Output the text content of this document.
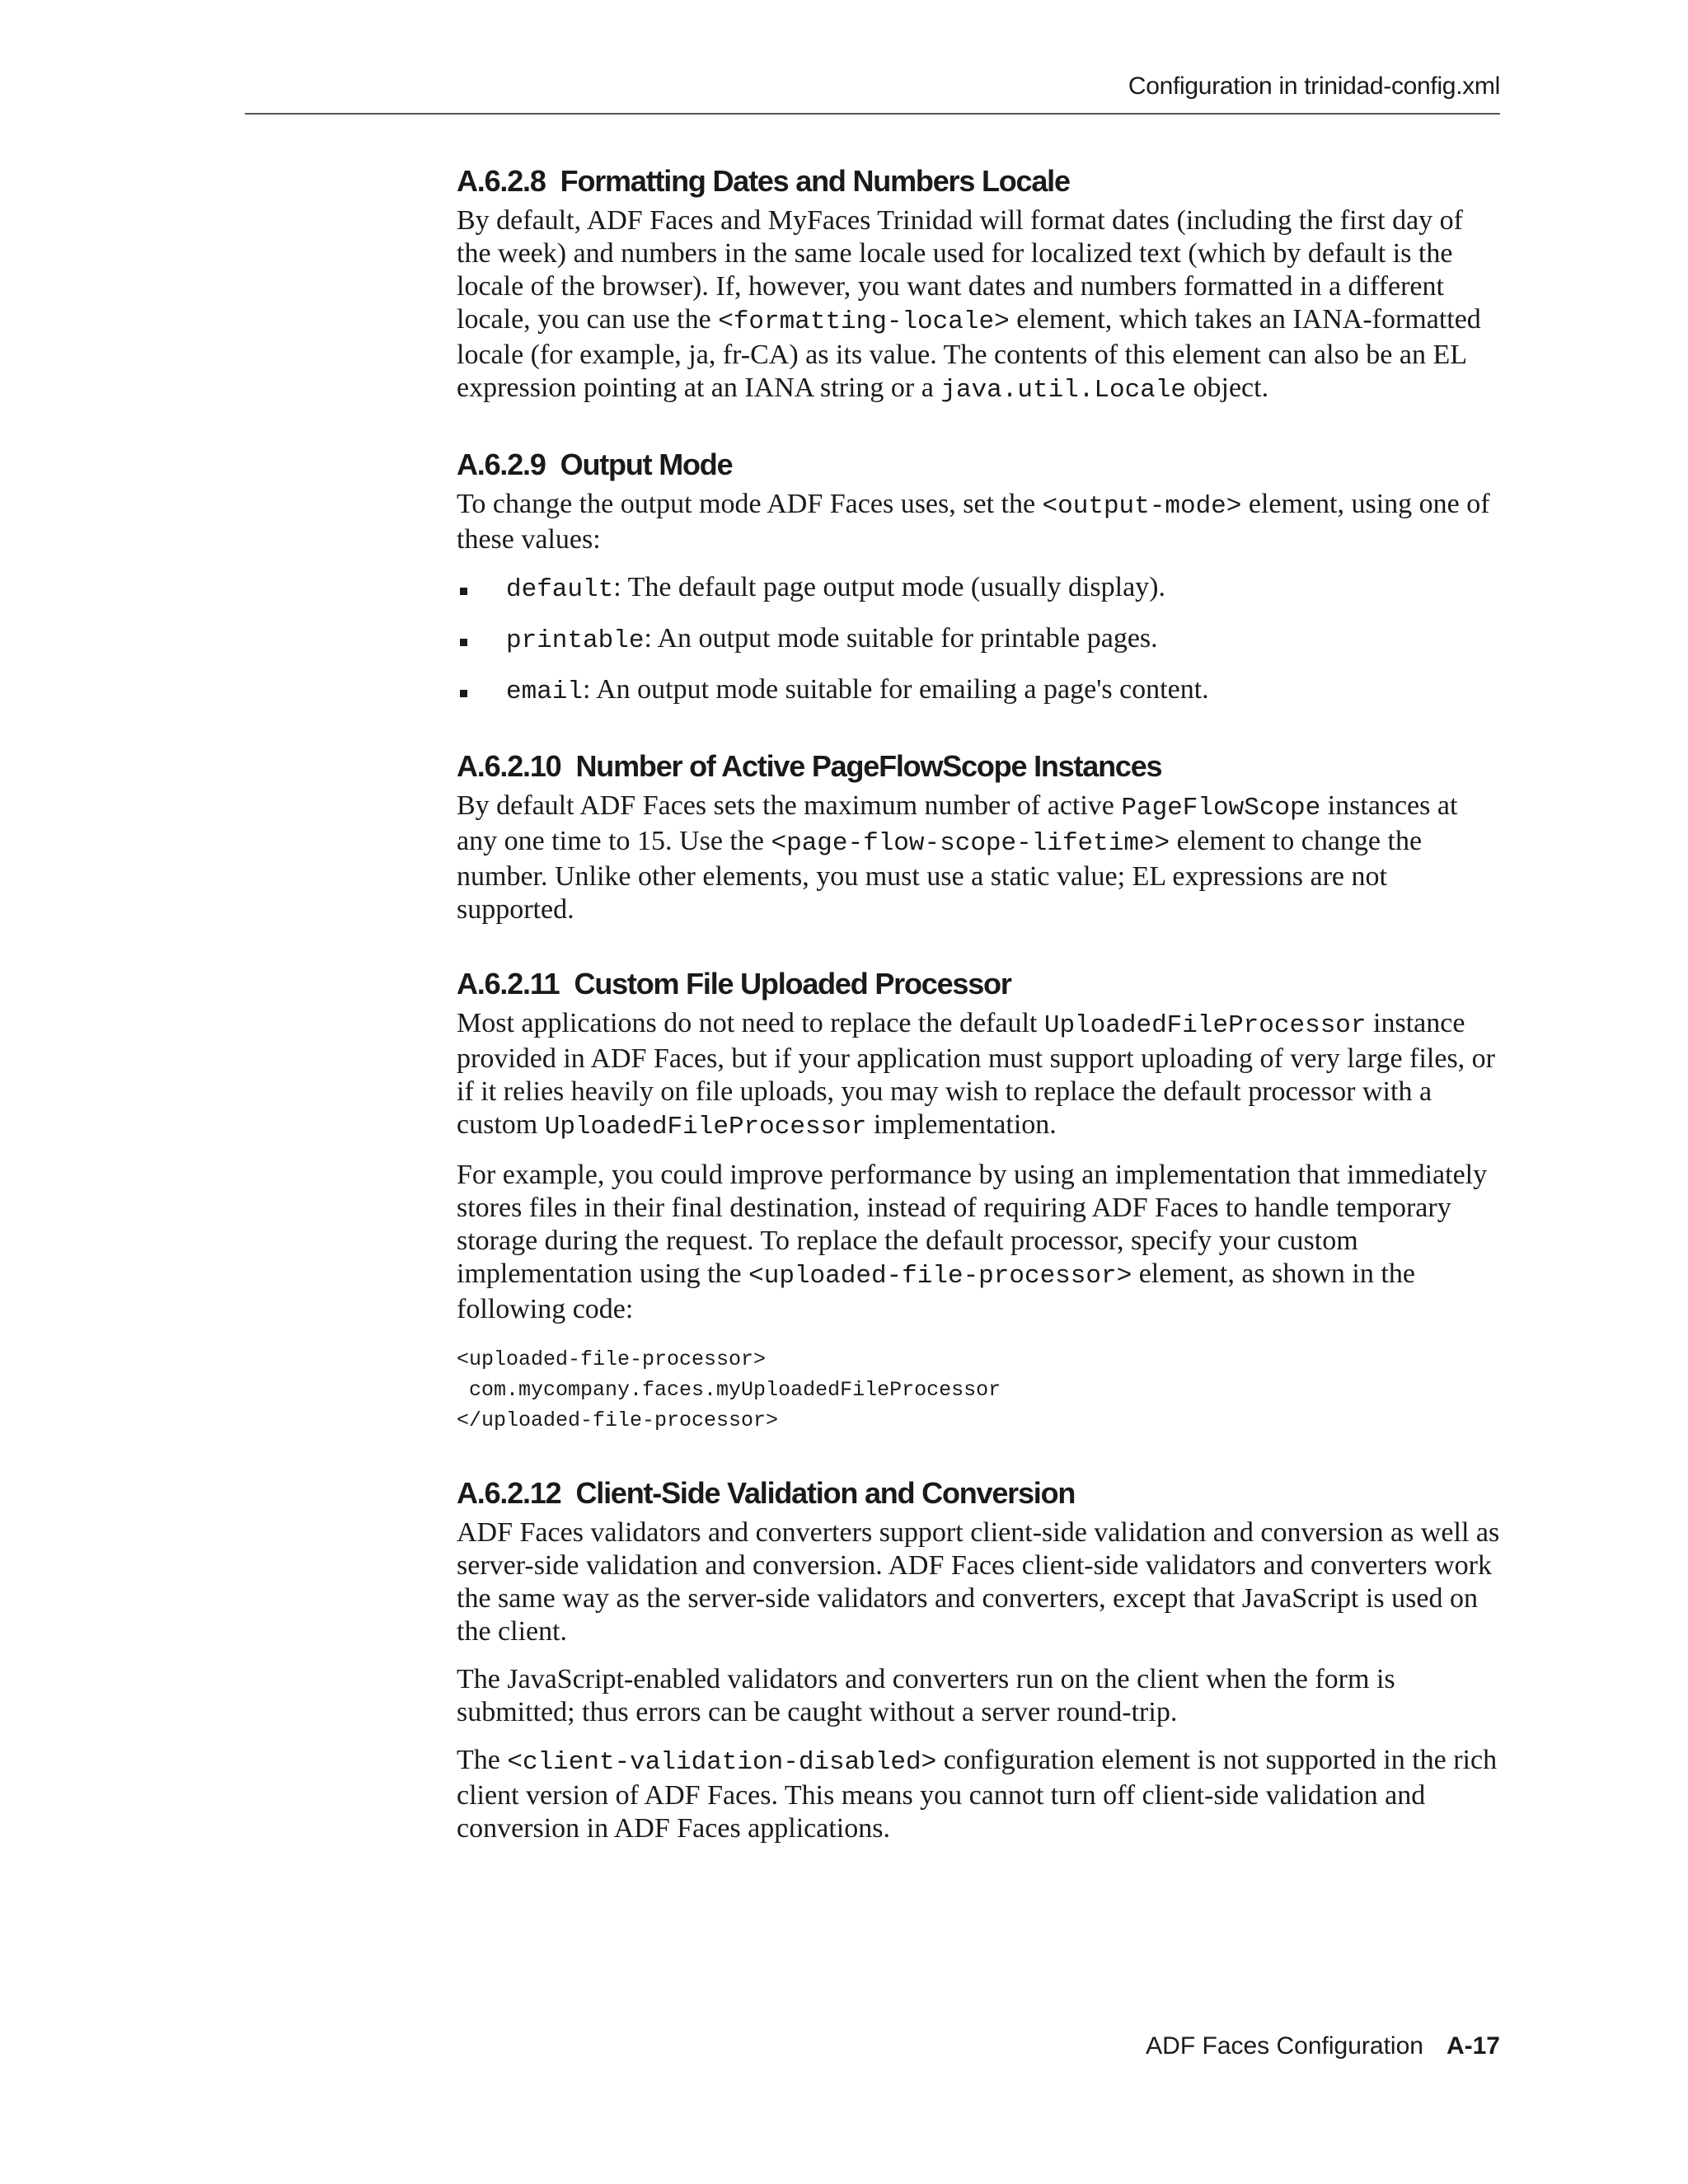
Configuration in trinidad-config.xml
A.6.2.8 Formatting Dates and Numbers Locale

By default, ADF Faces and MyFaces Trinidad will format dates (including the first day of the week) and numbers in the same locale used for localized text (which by default is the locale of the browser). If, however, you want dates and numbers formatted in a different locale, you can use the <formatting-locale> element, which takes an IANA-formatted locale (for example, ja, fr-CA) as its value. The contents of this element can also be an EL expression pointing at an IANA string or a java.util.Locale object.

A.6.2.9 Output Mode

To change the output mode ADF Faces uses, set the <output-mode> element, using one of these values:

default: The default page output mode (usually display).
printable: An output mode suitable for printable pages.
email: An output mode suitable for emailing a page's content.
A.6.2.10 Number of Active PageFlowScope Instances

By default ADF Faces sets the maximum number of active PageFlowScope instances at any one time to 15. Use the <page-flow-scope-lifetime> element to change the number. Unlike other elements, you must use a static value; EL expressions are not supported.

A.6.2.11 Custom File Uploaded Processor

Most applications do not need to replace the default UploadedFileProcessor instance provided in ADF Faces, but if your application must support uploading of very large files, or if it relies heavily on file uploads, you may wish to replace the default processor with a custom UploadedFileProcessor implementation.

For example, you could improve performance by using an implementation that immediately stores files in their final destination, instead of requiring ADF Faces to handle temporary storage during the request. To replace the default processor, specify your custom implementation using the <uploaded-file-processor> element, as shown in the following code:

<uploaded-file-processor>
com.mycompany.faces.myUploadedFileProcessor
</uploaded-file-processor>
A.6.2.12 Client-Side Validation and Conversion

ADF Faces validators and converters support client-side validation and conversion as well as server-side validation and conversion. ADF Faces client-side validators and converters work the same way as the server-side validators and converters, except that JavaScript is used on the client.

The JavaScript-enabled validators and converters run on the client when the form is submitted; thus errors can be caught without a server round-trip.

The <client-validation-disabled> configuration element is not supported in the rich client version of ADF Faces. This means you cannot turn off client-side validation and conversion in ADF Faces applications.

ADF Faces Configuration A-17
